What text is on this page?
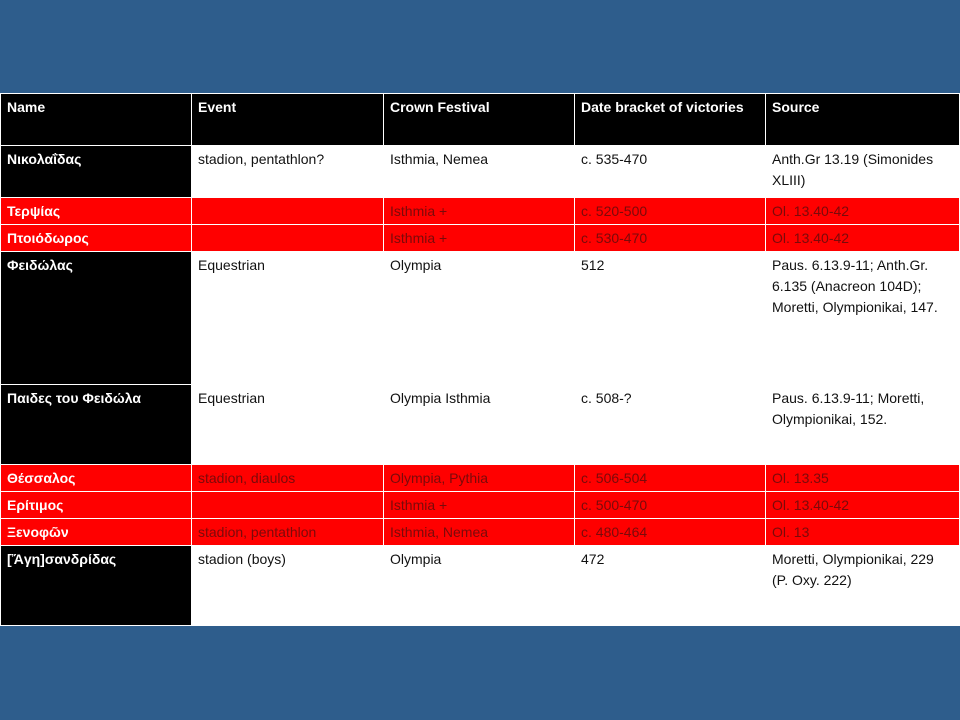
Name	Event	Crown Festival	Date bracket of victories	Source
Νικολαΐδας	stadion, pentathlon?	Isthmia, Nemea	c. 535-470	Anth.Gr 13.19 (Simonides XLIII)
Τερψίας		Isthmia +	c. 520-500	Ol. 13.40-42
Πτοιόδωρος		Isthmia +	c. 530-470	Ol. 13.40-42
Φειδώλας	Equestrian	Olympia	512	Paus. 6.13.9-11; Anth.Gr. 6.135 (Anacreon 104D); Moretti, Olympionikai, 147.
Παιδες του Φειδώλα	Equestrian	Olympia Isthmia	c. 508-?	Paus. 6.13.9-11; Moretti, Olympionikai, 152.
Θέσσαλος	stadion, diaulos	Olympia, Pythia	c. 506-504	Ol. 13.35
Ερίτιμος		Isthmia +	c. 500-470	Ol. 13.40-42
Ξενοφῶν	stadion, pentathlon	Isthmia, Nemea	c. 480-464	Ol. 13
[Ἄγη]σανδρίδας	stadion (boys)	Olympia	472	Moretti, Olympionikai, 229 (P. Oxy. 222)
